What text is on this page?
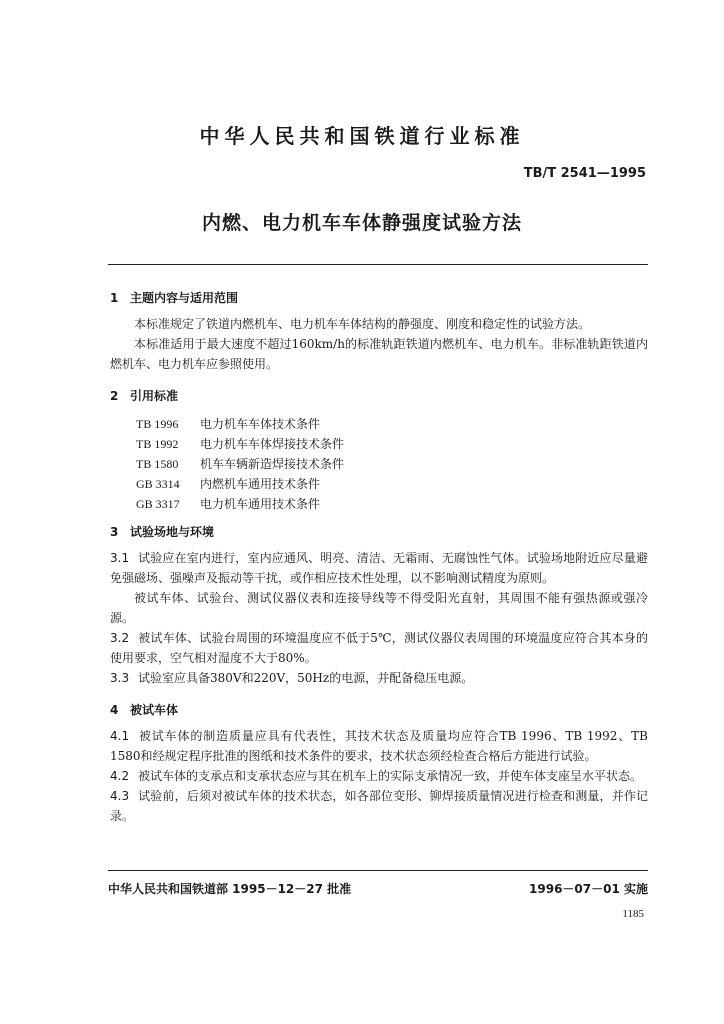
中华人民共和国铁道行业标准
TB/T 2541—1995
内燃、电力机车车体静强度试验方法
1 主题内容与适用范围

本标准规定了铁道内燃机车、电力机车车体结构的静强度、刚度和稳定性的试验方法。

本标准适用于最大速度不超过160km/h的标准轨距铁道内燃机车、电力机车。非标准轨距铁道内燃机车、电力机车应参照使用。

2 引用标准
TB 1996 电力机车车体技术条件
TB 1992 电力机车车体焊接技术条件
TB 1580 机车车辆新造焊接技术条件
GB 3314 内燃机车通用技术条件
GB 3317 电力机车通用技术条件
3 试验场地与环境

3.1 试验应在室内进行，室内应通风、明亮、清洁、无霜雨、无腐蚀性气体。试验场地附近应尽量避免强磁场、强噪声及振动等干扰，或作相应技术性处理，以不影响测试精度为原则。

被试车体、试验台、测试仪器仪表和连接导线等不得受阳光直射，其周围不能有强热源或强冷源。

3.2 被试车体、试验台周围的环境温度应不低于5℃，测试仪器仪表周围的环境温度应符合其本身的使用要求，空气相对湿度不大于80%。

3.3 试验室应具备380V和220V，50Hz的电源，并配备稳压电源。

4 被试车体

4.1 被试车体的制造质量应具有代表性，其技术状态及质量均应符合TB 1996、TB 1992、TB 1580和经规定程序批准的图纸和技术条件的要求，技术状态须经检查合格后方能进行试验。

4.2 被试车体的支承点和支承状态应与其在机车上的实际支承情况一致，并使车体支座呈水平状态。

4.3 试验前，后须对被试车体的技术状态，如各部位变形、铆焊接质量情况进行检查和测量，并作记录。

中华人民共和国铁道部 1995－12－27 批准	1996－07－01 实施
1185
